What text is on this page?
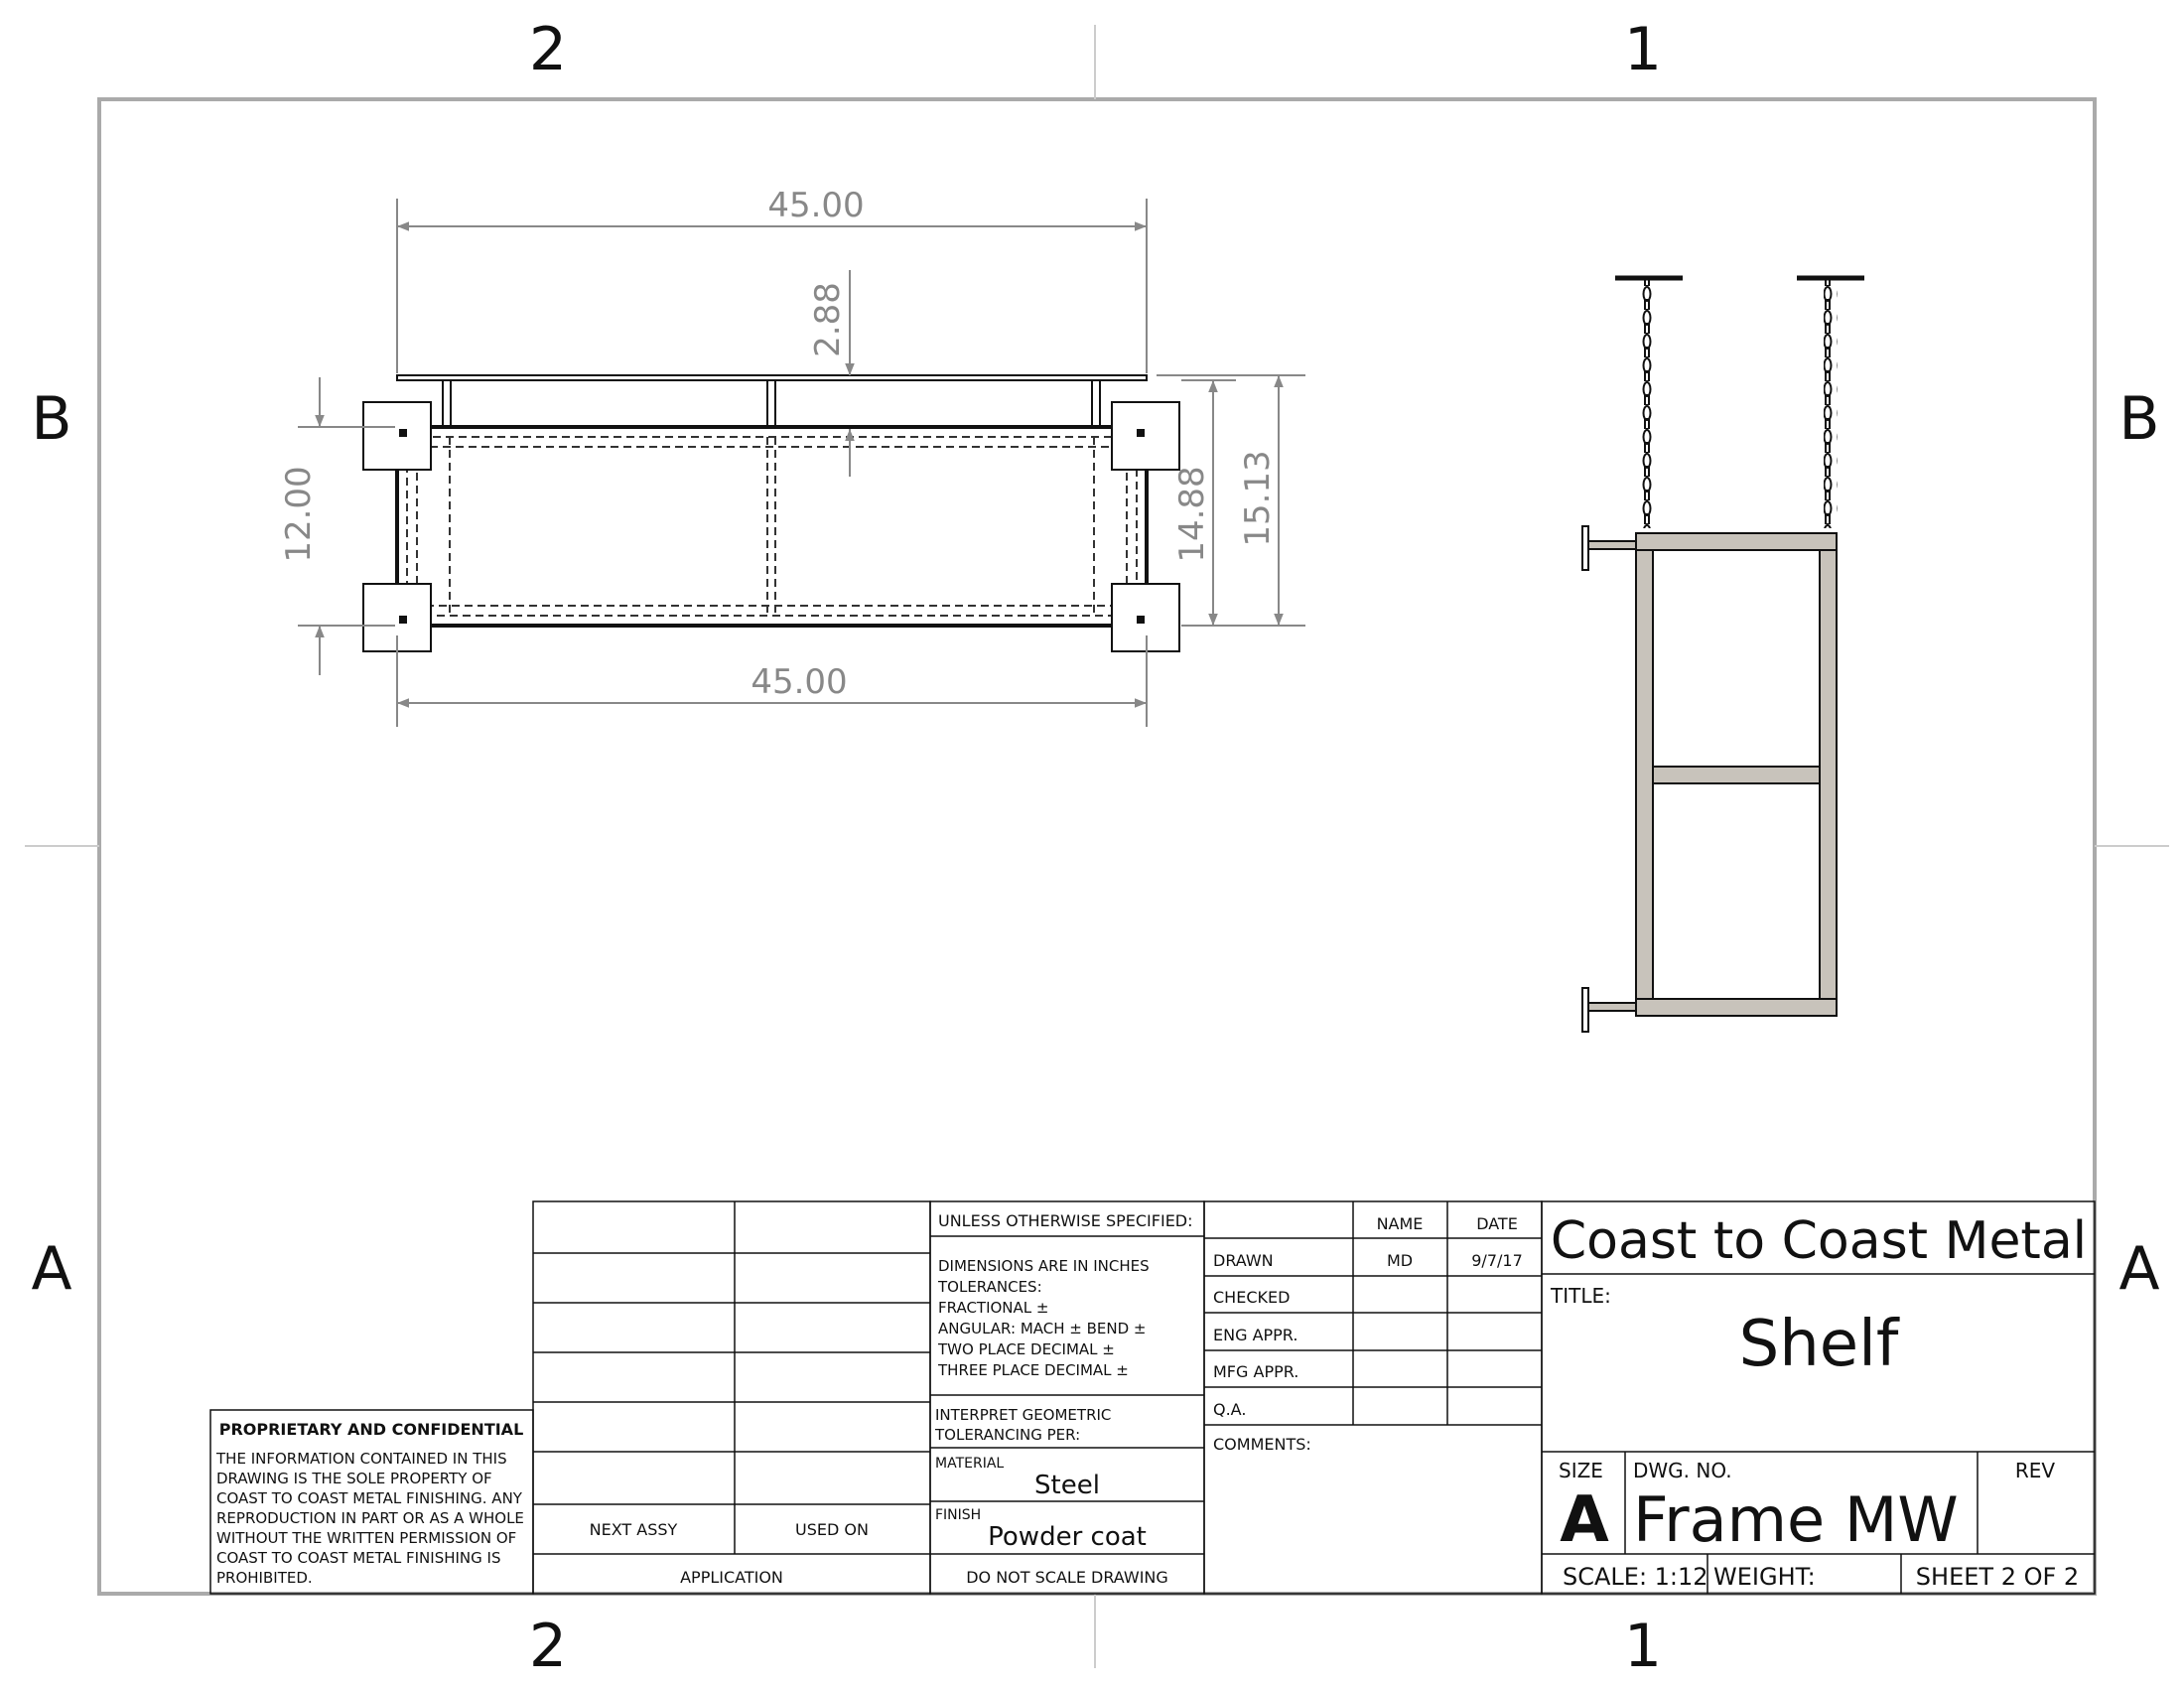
2	1
2	1
B
A
B
A
45.00
45.00
2.88
12.00	14.88 15.13
PROPRIETARY AND CONFIDENTIAL
THE INFORMATION CONTAINED IN THIS
DRAWING IS THE SOLE PROPERTY OF
COAST TO COAST METAL FINISHING. ANY
REPRODUCTION IN PART OR AS A WHOLE
WITHOUT THE WRITTEN PERMISSION OF
COAST TO COAST METAL FINISHING IS
PROHIBITED.
NEXT ASSY	USED ON
APPLICATION
UNLESS OTHERWISE SPECIFIED:
DIMENSIONS ARE IN INCHES
TOLERANCES:
FRACTIONAL ±
ANGULAR: MACH ± BEND ±
TWO PLACE DECIMAL ±
THREE PLACE DECIMAL ±
INTERPRET GEOMETRIC
TOLERANCING PER:
MATERIAL
Steel
FINISH
Powder coat
DO NOT SCALE DRAWING
NAME	DATE
DRAWN	MD	9/7/17
CHECKED
ENG APPR.
MFG APPR.
Q.A.
COMMENTS:
Coast to Coast Metal
TITLE:
Shelf
SIZE
A
DWG. NO.
Frame MW
REV
SCALE: 1:12 WEIGHT:	SHEET 2 OF 2
